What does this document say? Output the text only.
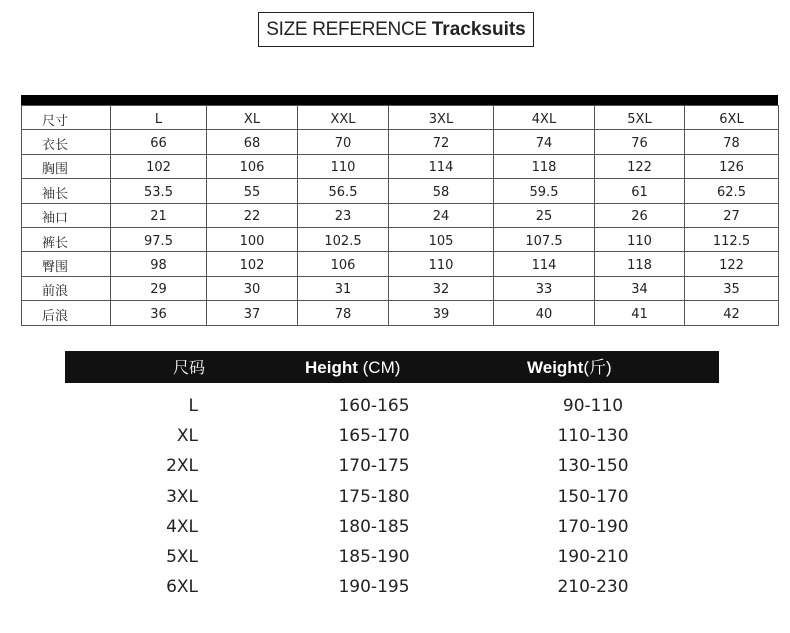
SIZE REFERENCE Tracksuits
尺寸	L	XL	XXL	3XL	4XL	5XL	6XL
衣长	66	68	70	72	74	76	78
胸围	102	106	110	114	118	122	126
袖长	53.5	55	56.5	58	59.5	61	62.5
袖口	21	22	23	24	25	26	27
裤长	97.5	100	102.5	105	107.5	110	112.5
臀围	98	102	106	110	114	118	122
前浪	29	30	31	32	33	34	35
后浪	36	37	78	39	40	41	42
尺码	Height (CM)	Weight(斤)
L	160-165	90-110
XL	165-170	110-130
2XL	170-175	130-150
3XL	175-180	150-170
4XL	180-185	170-190
5XL	185-190	190-210
6XL	190-195	210-230
